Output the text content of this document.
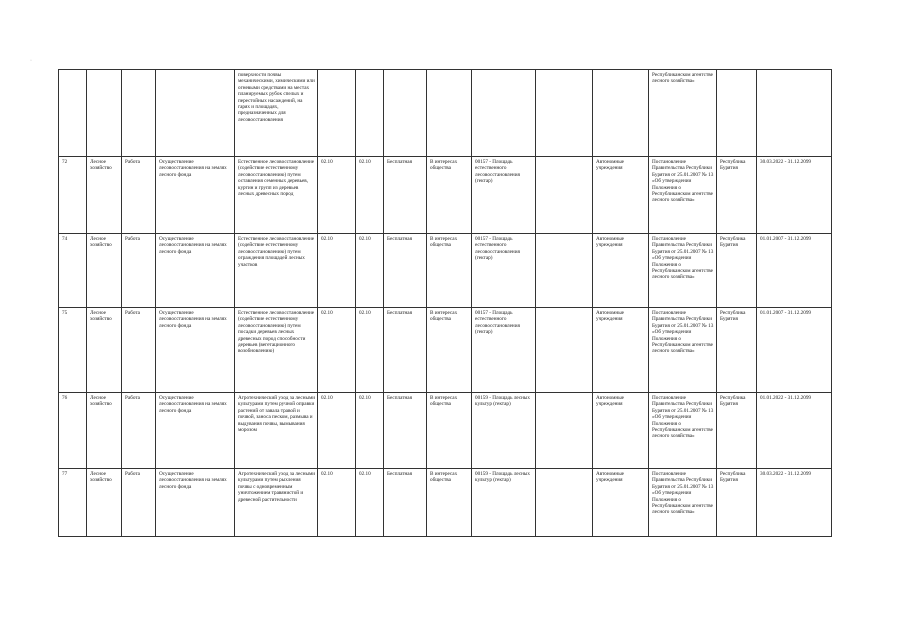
·
				поверхности почвы механическими, химическими или огневыми средствами на местах планируемых рубок спелых и перестойных насаждений, на гарях и площадях, предназначенных для лесовосстановления								Республиканском агентстве лесного хозяйства»		
72	Лесное хозяйство	Работа	Осуществление лесовосстановления на землях лесного фонда	Естественное лесовосстановление (содействие естественному лесовосстановлению) путем оставления семенных деревьев, куртин и групп из деревьев лесных древесных пород	02.10	02.10	Бесплатная	В интересах общества	00157 - Площадь естественного лесовосстановления (гектар)		Автономные учреждения	Постановление Правительства Республики Бурятия от 25.01.2007 № 13 «Об утверждении Положения о Республиканском агентстве лесного хозяйства»	Республика Бурятия	30.03.2022 - 31.12.2099
74	Лесное хозяйство	Работа	Осуществление лесовосстановления на землях лесного фонда	Естественное лесовосстановление (содействие естественному лесовосстановлению) путем ограждения площадей лесных участков	02.10	02.10	Бесплатная	В интересах общества	00157 - Площадь естественного лесовосстановления (гектар)		Автономные учреждения	Постановление Правительства Республики Бурятия от 25.01.2007 № 13 «Об утверждении Положения о Республиканском агентстве лесного хозяйства»	Республика Бурятия	01.01.2007 - 31.12.2099
75	Лесное хозяйство	Работа	Осуществление лесовосстановления на землях лесного фонда	Естественное лесовосстановление (содействие естественному лесовосстановлению) путем посадки деревьев лесных древесных пород способности деревьев (вегетационного возобновлению)	02.10	02.10	Бесплатная	В интересах общества	00157 - Площадь естественного лесовосстановления (гектар)		Автономные учреждения	Постановление Правительства Республики Бурятия от 25.01.2007 № 13 «Об утверждении Положения о Республиканском агентстве лесного хозяйства»	Республика Бурятия	01.01.2007 - 31.12.2099
76	Лесное хозяйство	Работа	Осуществление лесовосстановления на землях лесного фонда	Агротехнический уход за лесными культурами путем ручной оправки растений от завала травой и почвой, заноса песком, размыва и выдувания почвы, вымывания морозом	02.10	02.10	Бесплатная	В интересах общества	00159 - Площадь лесных культур (гектар)		Автономные учреждения	Постановление Правительства Республики Бурятия от 25.01.2007 № 13 «Об утверждении Положения о Республиканском агентстве лесного хозяйства»	Республика Бурятия	01.01.2022 - 31.12.2099
77	Лесное хозяйство	Работа	Осуществление лесовосстановления на землях лесного фонда	Агротехнический уход за лесными культурами путем рыхления почвы с одновременным уничтожением травянистой и древесной растительности	02.10	02.10	Бесплатная	В интересах общества	00159 - Площадь лесных культур (гектар)		Автономные учреждения	Постановление Правительства Республики Бурятия от 25.01.2007 № 13 «Об утверждении Положения о Республиканском агентстве лесного хозяйства»	Республика Бурятия	30.03.2022 - 31.12.2099
